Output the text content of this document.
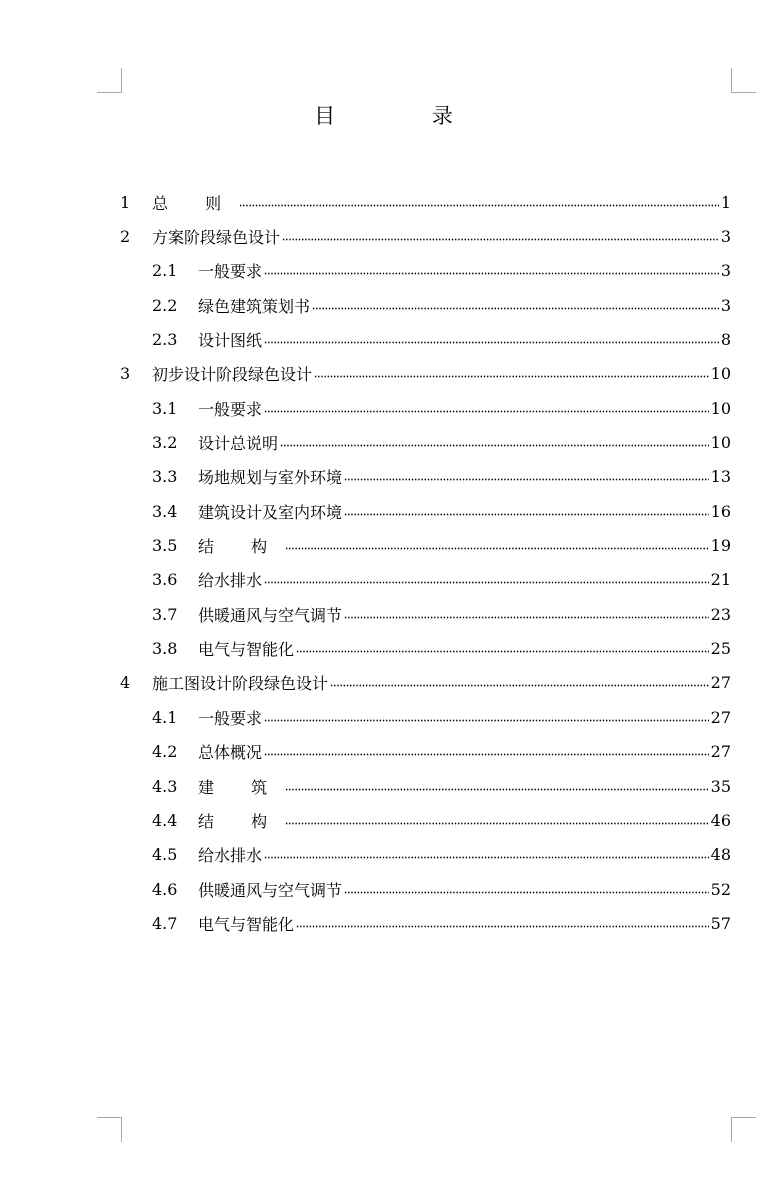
目 录
1	总 则	1
2	方案阶段绿色设计	3
2.1	一般要求	3
2.2	绿色建筑策划书	3
2.3	设计图纸	8
3	初步设计阶段绿色设计	10
3.1	一般要求	10
3.2	设计总说明	10
3.3	场地规划与室外环境	13
3.4	建筑设计及室内环境	16
3.5	结 构	19
3.6	给水排水	21
3.7	供暖通风与空气调节	23
3.8	电气与智能化	25
4	施工图设计阶段绿色设计	27
4.1	一般要求	27
4.2	总体概况	27
4.3	建 筑	35
4.4	结 构	46
4.5	给水排水	48
4.6	供暖通风与空气调节	52
4.7	电气与智能化	57
